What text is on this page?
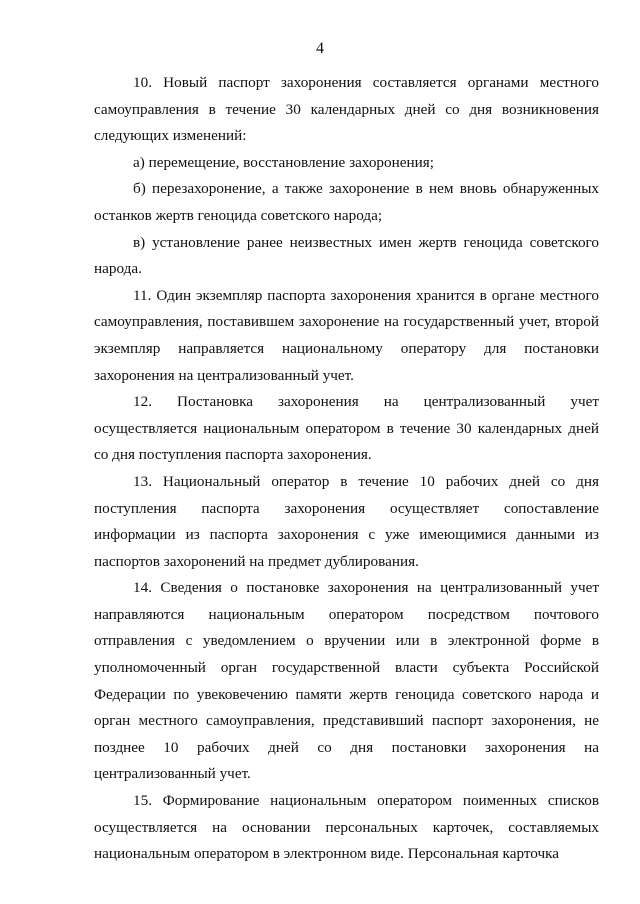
4

10. Новый паспорт захоронения составляется органами местного самоуправления в течение 30 календарных дней со дня возникновения следующих изменений:

а) перемещение, восстановление захоронения;

б) перезахоронение, а также захоронение в нем вновь обнаруженных останков жертв геноцида советского народа;

в) установление ранее неизвестных имен жертв геноцида советского народа.

11. Один экземпляр паспорта захоронения хранится в органе местного самоуправления, поставившем захоронение на государственный учет, второй экземпляр направляется национальному оператору для постановки захоронения на централизованный учет.

12. Постановка захоронения на централизованный учет осуществляется национальным оператором в течение 30 календарных дней со дня поступления паспорта захоронения.

13. Национальный оператор в течение 10 рабочих дней со дня поступления паспорта захоронения осуществляет сопоставление информации из паспорта захоронения с уже имеющимися данными из паспортов захоронений на предмет дублирования.

14. Сведения о постановке захоронения на централизованный учет направляются национальным оператором посредством почтового отправления с уведомлением о вручении или в электронной форме в уполномоченный орган государственной власти субъекта Российской Федерации по увековечению памяти жертв геноцида советского народа и орган местного самоуправления, представивший паспорт захоронения, не позднее 10 рабочих дней со дня постановки захоронения на централизованный учет.

15. Формирование национальным оператором поименных списков осуществляется на основании персональных карточек, составляемых национальным оператором в электронном виде. Персональная карточка
